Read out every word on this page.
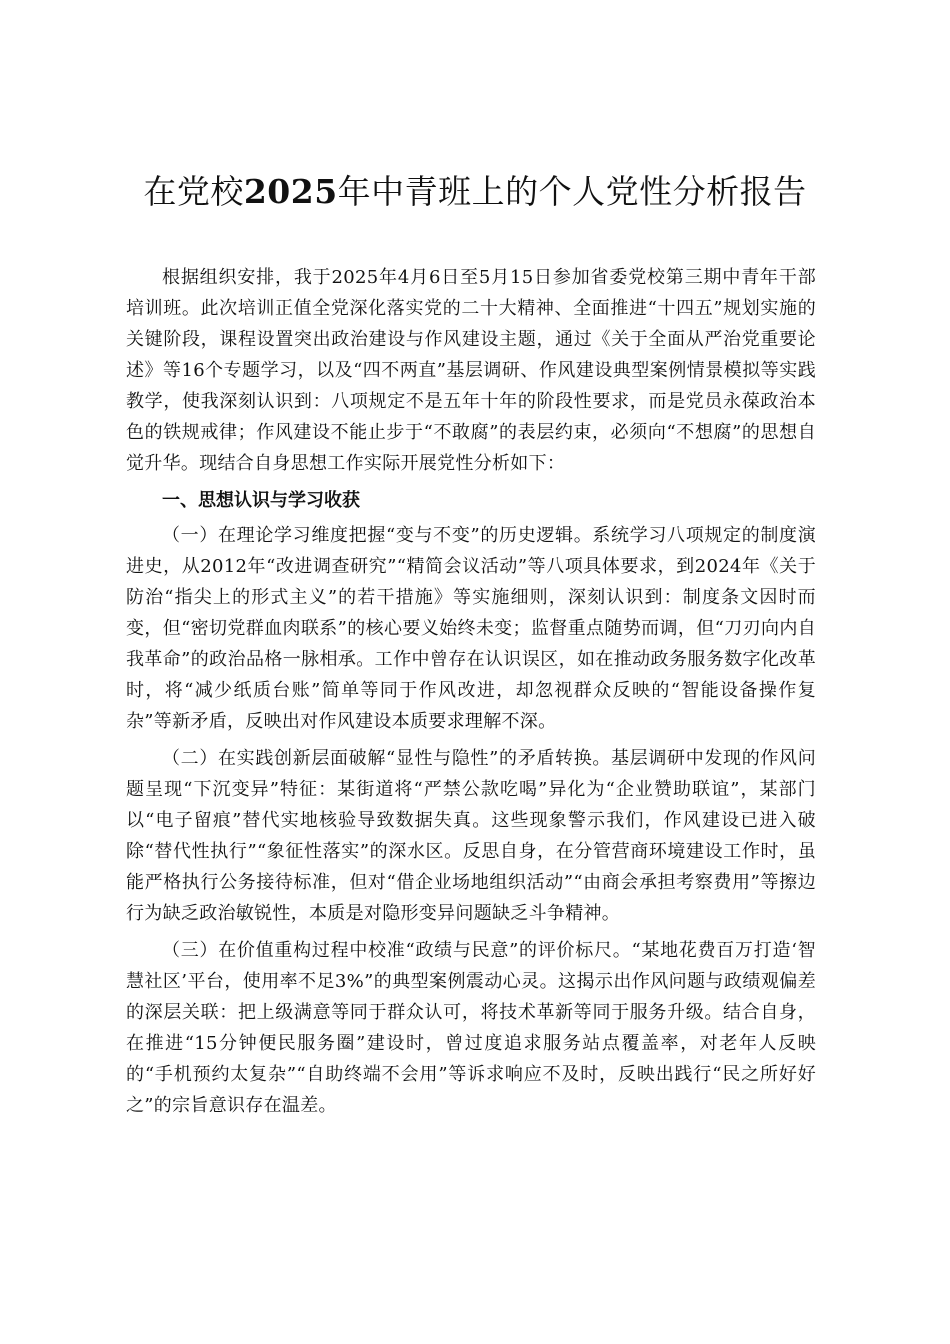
在党校2025年中青班上的个人党性分析报告

根据组织安排，我于2025年4月6日至5月15日参加省委党校第三期中青年干部培训班。此次培训正值全党深化落实党的二十大精神、全面推进“十四五”规划实施的关键阶段，课程设置突出政治建设与作风建设主题，通过《关于全面从严治党重要论述》等16个专题学习，以及“四不两直”基层调研、作风建设典型案例情景模拟等实践教学，使我深刻认识到：八项规定不是五年十年的阶段性要求，而是党员永葆政治本色的铁规戒律；作风建设不能止步于“不敢腐”的表层约束，必须向“不想腐”的思想自觉升华。现结合自身思想工作实际开展党性分析如下：

一、思想认识与学习收获

（一）在理论学习维度把握“变与不变”的历史逻辑。系统学习八项规定的制度演进史，从2012年“改进调查研究”“精简会议活动”等八项具体要求，到2024年《关于防治“指尖上的形式主义”的若干措施》等实施细则，深刻认识到：制度条文因时而变，但“密切党群血肉联系”的核心要义始终未变；监督重点随势而调，但“刀刃向内自我革命”的政治品格一脉相承。工作中曾存在认识误区，如在推动政务服务数字化改革时，将“减少纸质台账”简单等同于作风改进，却忽视群众反映的“智能设备操作复杂”等新矛盾，反映出对作风建设本质要求理解不深。

（二）在实践创新层面破解“显性与隐性”的矛盾转换。基层调研中发现的作风问题呈现“下沉变异”特征：某街道将“严禁公款吃喝”异化为“企业赞助联谊”，某部门以“电子留痕”替代实地核验导致数据失真。这些现象警示我们，作风建设已进入破除“替代性执行”“象征性落实”的深水区。反思自身，在分管营商环境建设工作时，虽能严格执行公务接待标准，但对“借企业场地组织活动”“由商会承担考察费用”等擦边行为缺乏政治敏锐性，本质是对隐形变异问题缺乏斗争精神。

（三）在价值重构过程中校准“政绩与民意”的评价标尺。“某地花费百万打造‘智慧社区’平台，使用率不足3%”的典型案例震动心灵。这揭示出作风问题与政绩观偏差的深层关联：把上级满意等同于群众认可，将技术革新等同于服务升级。结合自身，在推进“15分钟便民服务圈”建设时，曾过度追求服务站点覆盖率，对老年人反映的“手机预约太复杂”“自助终端不会用”等诉求响应不及时，反映出践行“民之所好好之”的宗旨意识存在温差。
